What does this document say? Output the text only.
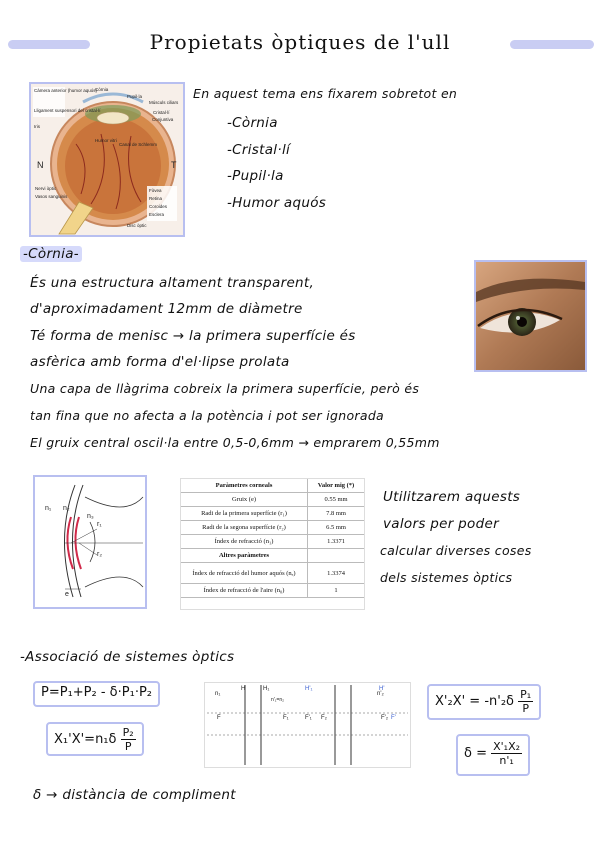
Propietats òptiques de l'ull
Càmera anterior (humor aquós)
Lligament suspensori del cristal·lí
Iris
Còrnia
Pupil·la
Músculs ciliars
Cristal·lí
Conjuntiva
Humor vitri
Canal de Schlemm
Retina
Coroides
Esclera
Fòvea
Disc òptic
Nervi òptic
Vasos sanguinis
N	T
En aquest tema ens fixarem sobretot en
-Còrnia
-Cristal·lí
-Pupil·la
-Humor aquós
-Còrnia-
És una estructura altament transparent,
d'aproximadament 12mm de diàmetre
Té forma de menisc → la primera superfície és
asfèrica amb forma d'el·lipse prolata
Una capa de llàgrima cobreix la primera superfície, però és
tan fina que no afecta a la potència i pot ser ignorada
El gruix central oscil·la entre 0,5-0,6mm → emprarem 0,55mm
n₁ n₂
r₁
r₂
n₃
e
Paràmetres corneals	Valor mig (*)
Gruix (e)	0.55 mm
Radi de la primera superfície (r₁)	7.8 mm
Radi de la segona superfície (r₂)	6.5 mm
Índex de refracció (n₁)	1.3371
Altres paràmetres	
Índex de refracció del humor aquós (nₐ)	1.3374
Índex de refracció de l'aire (n₀)	1
Utilitzarem aquests
valors per poder
calcular diverses coses
dels sistemes òptics
-Associació de sistemes òptics
P=P₁+P₂ - δ·P₁·P₂
$X_1'X'=n_1\delta \frac{\text{P₂}}{P}$
n₁
H	H₁
n'₁=n₂
H'₁
F₁	F'₁ F₂	F'₂
n'₂
F	F'
H'
$X'_2X' = -n'_2\delta \frac{\text{P₁}}{P}$
$\delta = \frac{\text{X'₁X₂}}{\text{n'₁}}$
δ → distància de compliment
